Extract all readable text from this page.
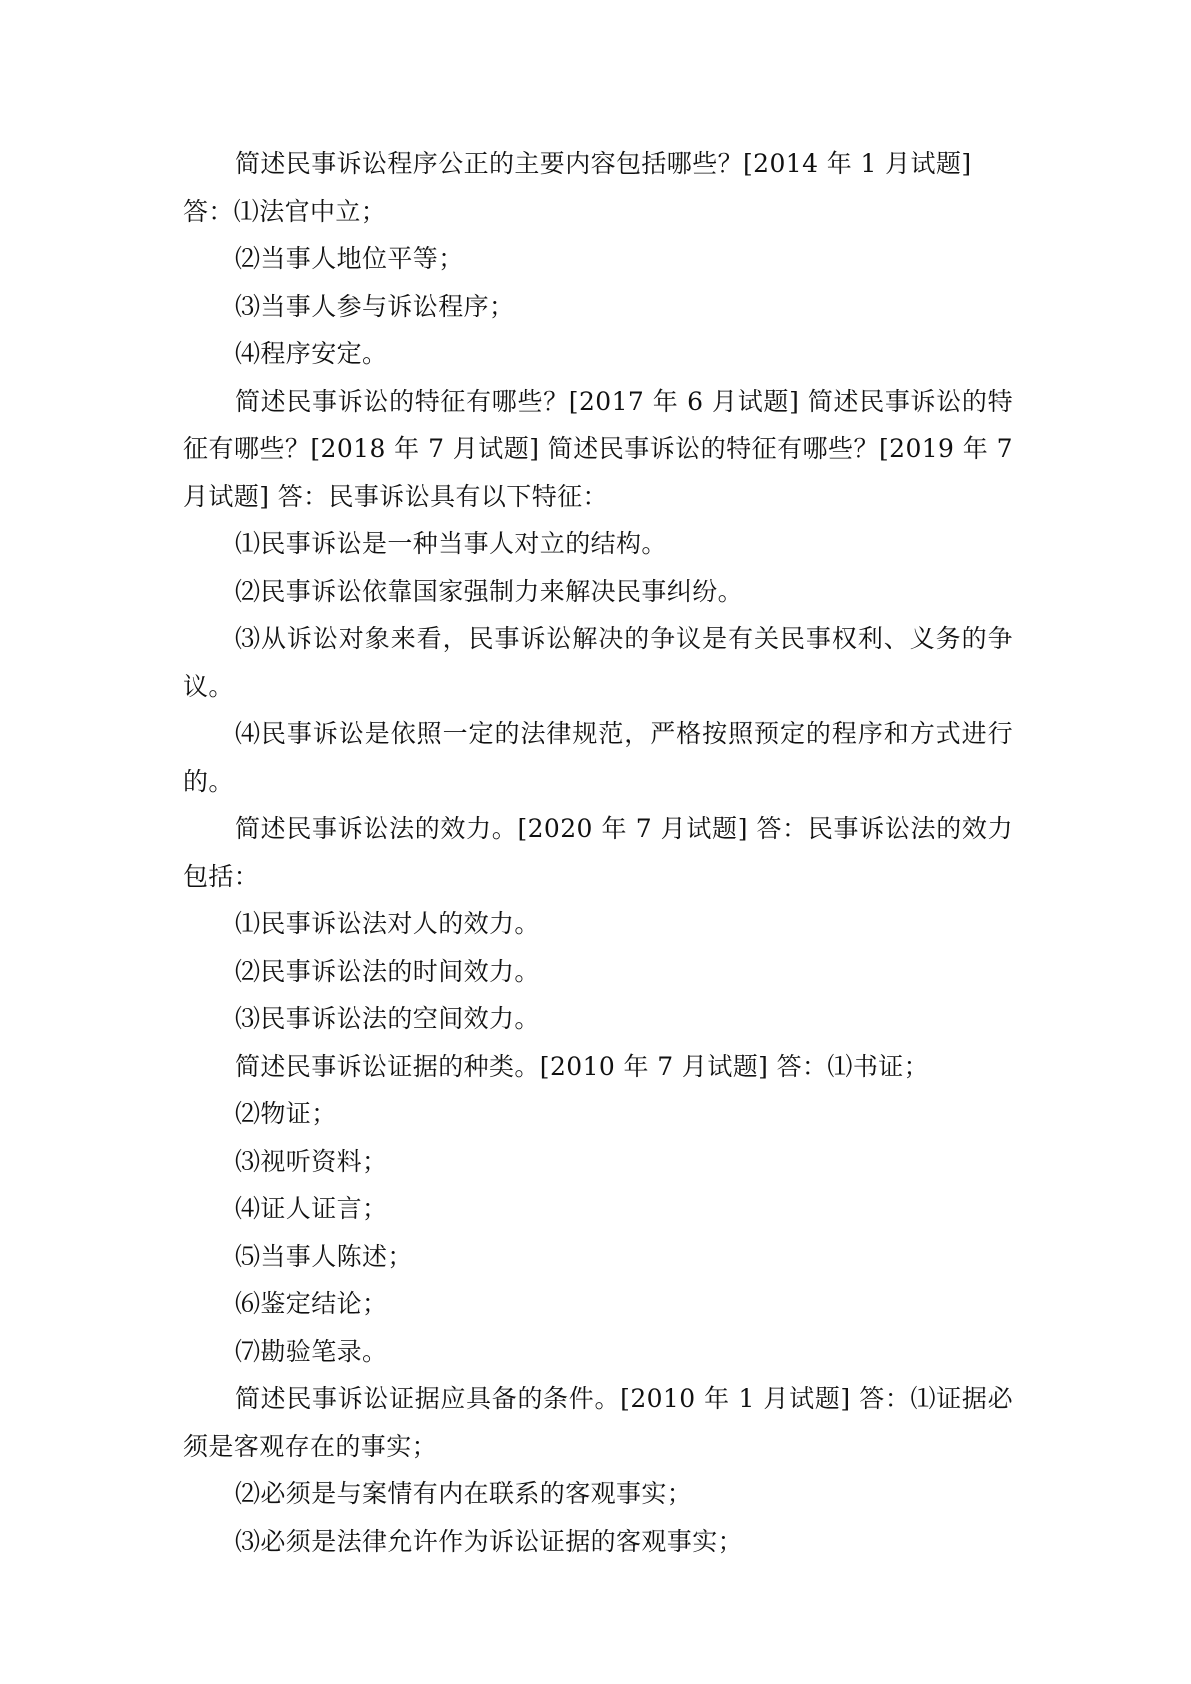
简述民事诉讼程序公正的主要内容包括哪些？[2014 年 1 月试题]

答：⑴法官中立；

⑵当事人地位平等；

⑶当事人参与诉讼程序；

⑷程序安定。

简述民事诉讼的特征有哪些？[2017 年 6 月试题] 简述民事诉讼的特征有哪些？[2018 年 7 月试题] 简述民事诉讼的特征有哪些？[2019 年 7 月试题] 答：民事诉讼具有以下特征：

⑴民事诉讼是一种当事人对立的结构。

⑵民事诉讼依靠国家强制力来解决民事纠纷。

⑶从诉讼对象来看，民事诉讼解决的争议是有关民事权利、义务的争议。

⑷民事诉讼是依照一定的法律规范，严格按照预定的程序和方式进行的。

简述民事诉讼法的效力。[2020 年 7 月试题] 答：民事诉讼法的效力包括：

⑴民事诉讼法对人的效力。

⑵民事诉讼法的时间效力。

⑶民事诉讼法的空间效力。

简述民事诉讼证据的种类。[2010 年 7 月试题] 答：⑴书证；

⑵物证；

⑶视听资料；

⑷证人证言；

⑸当事人陈述；

⑹鉴定结论；

⑺勘验笔录。

简述民事诉讼证据应具备的条件。[2010 年 1 月试题] 答：⑴证据必须是客观存在的事实；

⑵必须是与案情有内在联系的客观事实；

⑶必须是法律允许作为诉讼证据的客观事实；
